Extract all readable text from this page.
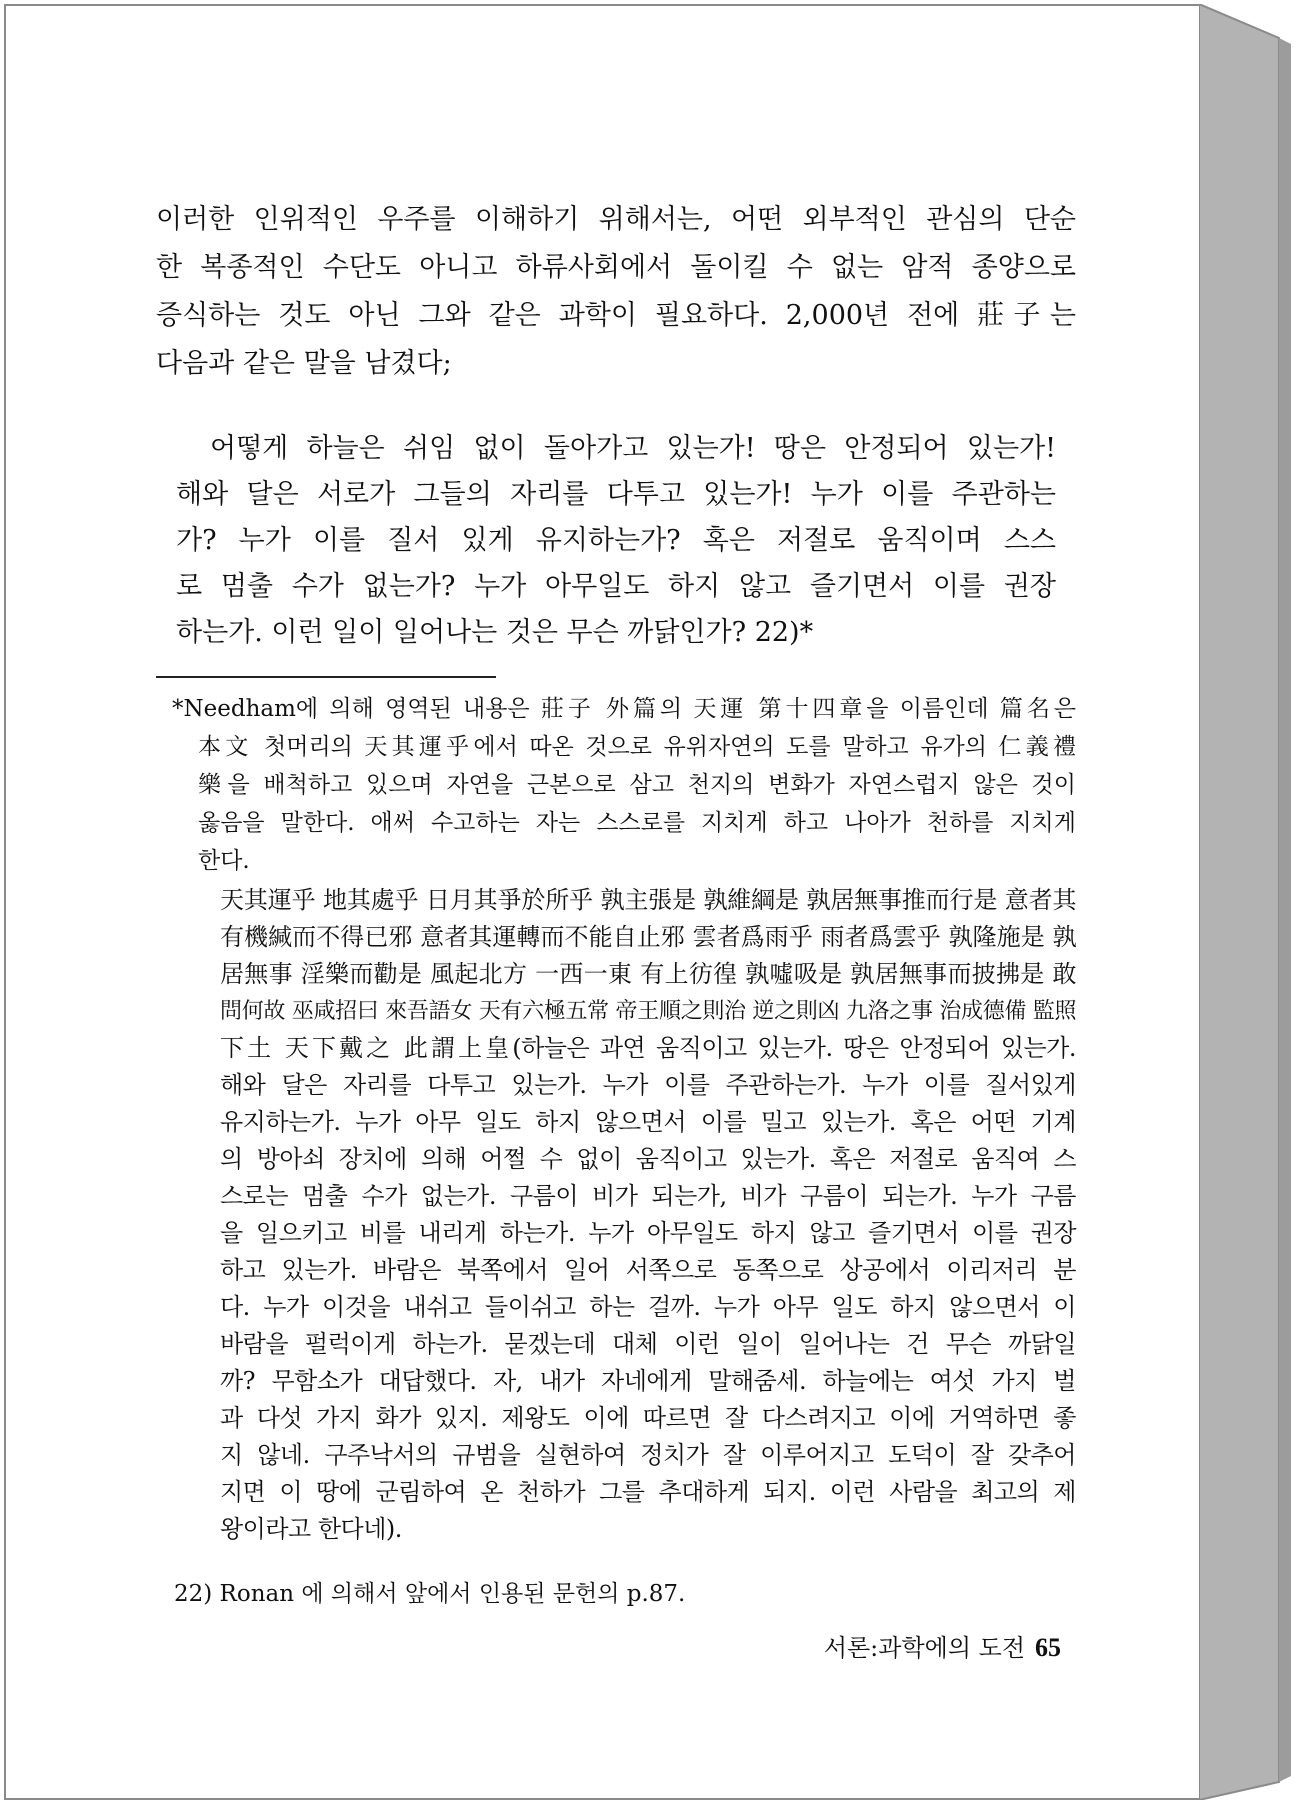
이러한 인위적인 우주를 이해하기 위해서는, 어떤 외부적인 관심의 단순
한 복종적인 수단도 아니고 하류사회에서 돌이킬 수 없는 암적 종양으로
증식하는 것도 아닌 그와 같은 과학이 필요하다. 2,000년 전에 莊子는
다음과 같은 말을 남겼다;
어떻게 하늘은 쉬임 없이 돌아가고 있는가! 땅은 안정되어 있는가!
해와 달은 서로가 그들의 자리를 다투고 있는가! 누가 이를 주관하는
가? 누가 이를 질서 있게 유지하는가? 혹은 저절로 움직이며 스스
로 멈출 수가 없는가? 누가 아무일도 하지 않고 즐기면서 이를 권장
하는가. 이런 일이 일어나는 것은 무슨 까닭인가? 22)*
*Needham에 의해 영역된 내용은 莊子 外篇의 天運 第十四章을 이름인데 篇名은
本文 첫머리의 天其運乎에서 따온 것으로 유위자연의 도를 말하고 유가의 仁義禮
樂을 배척하고 있으며 자연을 근본으로 삼고 천지의 변화가 자연스럽지 않은 것이
옳음을 말한다. 애써 수고하는 자는 스스로를 지치게 하고 나아가 천하를 지치게
한다.
天其運乎 地其處乎 日月其爭於所乎 孰主張是 孰維綱是 孰居無事推而行是 意者其
有機緘而不得已邪 意者其運轉而不能自止邪 雲者爲雨乎 雨者爲雲乎 孰隆施是 孰
居無事 淫樂而勸是 風起北方 一西一東 有上彷徨 孰噓吸是 孰居無事而披拂是 敢
問何故 巫咸招曰 來吾語女 天有六極五常 帝王順之則治 逆之則凶 九洛之事 治成德備 監照
下土 天下戴之 此謂上皇(하늘은 과연 움직이고 있는가. 땅은 안정되어 있는가.
해와 달은 자리를 다투고 있는가. 누가 이를 주관하는가. 누가 이를 질서있게
유지하는가. 누가 아무 일도 하지 않으면서 이를 밀고 있는가. 혹은 어떤 기계
의 방아쇠 장치에 의해 어쩔 수 없이 움직이고 있는가. 혹은 저절로 움직여 스
스로는 멈출 수가 없는가. 구름이 비가 되는가, 비가 구름이 되는가. 누가 구름
을 일으키고 비를 내리게 하는가. 누가 아무일도 하지 않고 즐기면서 이를 권장
하고 있는가. 바람은 북쪽에서 일어 서쪽으로 동쪽으로 상공에서 이리저리 분
다. 누가 이것을 내쉬고 들이쉬고 하는 걸까. 누가 아무 일도 하지 않으면서 이
바람을 펄럭이게 하는가. 묻겠는데 대체 이런 일이 일어나는 건 무슨 까닭일
까? 무함소가 대답했다. 자, 내가 자네에게 말해줌세. 하늘에는 여섯 가지 벌
과 다섯 가지 화가 있지. 제왕도 이에 따르면 잘 다스려지고 이에 거역하면 좋
지 않네. 구주낙서의 규범을 실현하여 정치가 잘 이루어지고 도덕이 잘 갖추어
지면 이 땅에 군림하여 온 천하가 그를 추대하게 되지. 이런 사람을 최고의 제
왕이라고 한다네).
22) Ronan 에 의해서 앞에서 인용된 문헌의 p.87.
서론:과학에의 도전 65
